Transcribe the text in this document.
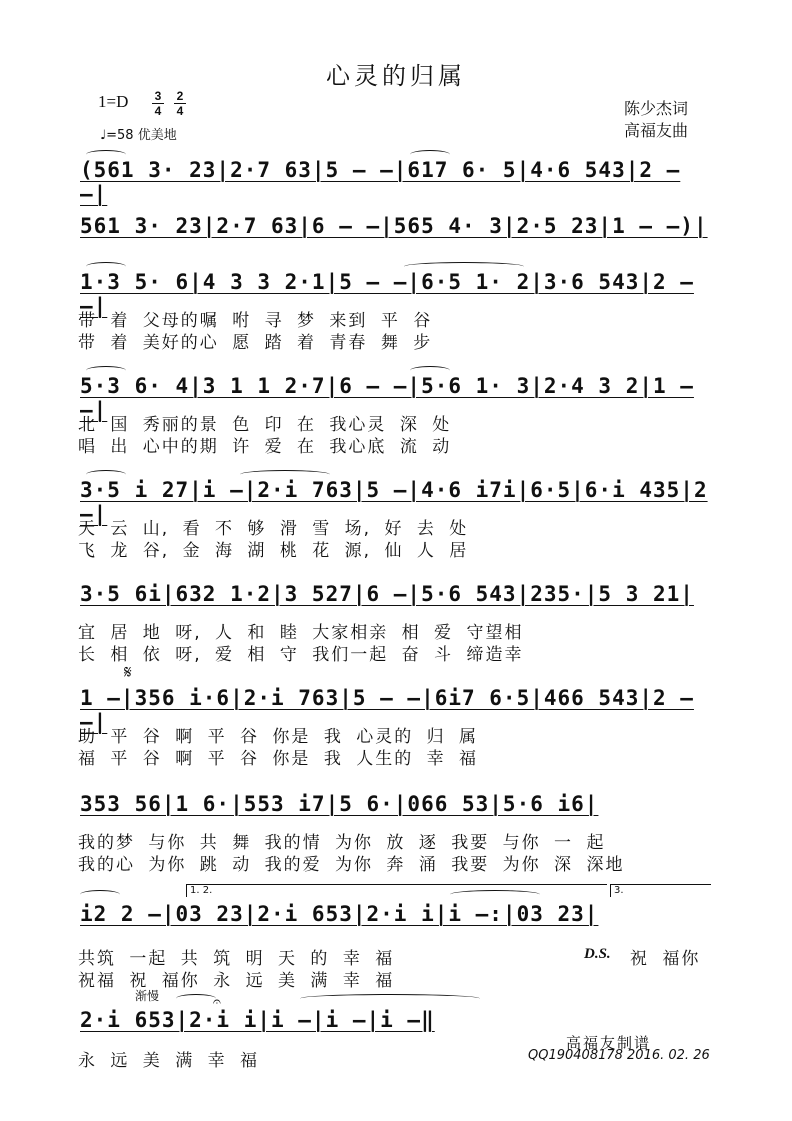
心灵的归属
1=D 3
4
2
4
♩=58 优美地
陈少杰词
高福友曲
(561 3· 23|2·7 63|5 – –|617 6· 5|4·6 543|2 – –|
561 3· 23|2·7 63|6 – –|565 4· 3|2·5 23|1 – –)|
1·3 5· 6|4 3 3 2·1|5 – –|6·5 1· 2|3·6 543|2 – –|
带 着 父母的嘱 咐 寻 梦 来到 平 谷
带 着 美好的心 愿 踏 着 青春 舞 步
5·3 6· 4|3 1 1 2·7|6 – –|5·6 1· 3|2·4 3 2|1 – –|
北 国 秀丽的景 色 印 在 我心灵 深 处
唱 出 心中的期 许 爱 在 我心底 流 动
3·5 i 27|i –|2·i 763|5 –|4·6 i7i|6·5|6·i 435|2 –|
天 云 山, 看 不 够 滑 雪 场, 好 去 处
飞 龙 谷, 金 海 湖 桃 花 源, 仙 人 居
3·5 6i|632 1·2|3 527|6 –|5·6 543|235·|5 3 21|
宜 居 地 呀, 人 和 睦 大家相亲 相 爱 守望相
长 相 依 呀, 爱 相 守 我们一起 奋 斗 缔造幸
𝄋
1 –|356 i·6|2·i 763|5 – –|6i7 6·5|466 543|2 – –|
助 平 谷 啊 平 谷 你是 我 心灵的 归 属
福 平 谷 啊 平 谷 你是 我 人生的 幸 福
353 56|1 6·|553 i7|5 6·|066 53|5·6 i6|
我的梦 与你 共 舞 我的情 为你 放 逐 我要 与你 一 起
我的心 为你 跳 动 我的爱 为你 奔 涌 我要 为你 深 深地
1. 2.	3.
i2 2 –|03 23|2·i 653|2·i i|i –:|03 23|
共筑 一起 共 筑 明 天 的 幸 福
祝福 祝 福你 永 远 美 满 幸 福
D.S. 祝 福你
渐慢	𝄐
2·i 653|2·i i|i –|i –|i –‖
永 远 美 满 幸 福
高福友制谱
QQ190408178 2016. 02. 26
